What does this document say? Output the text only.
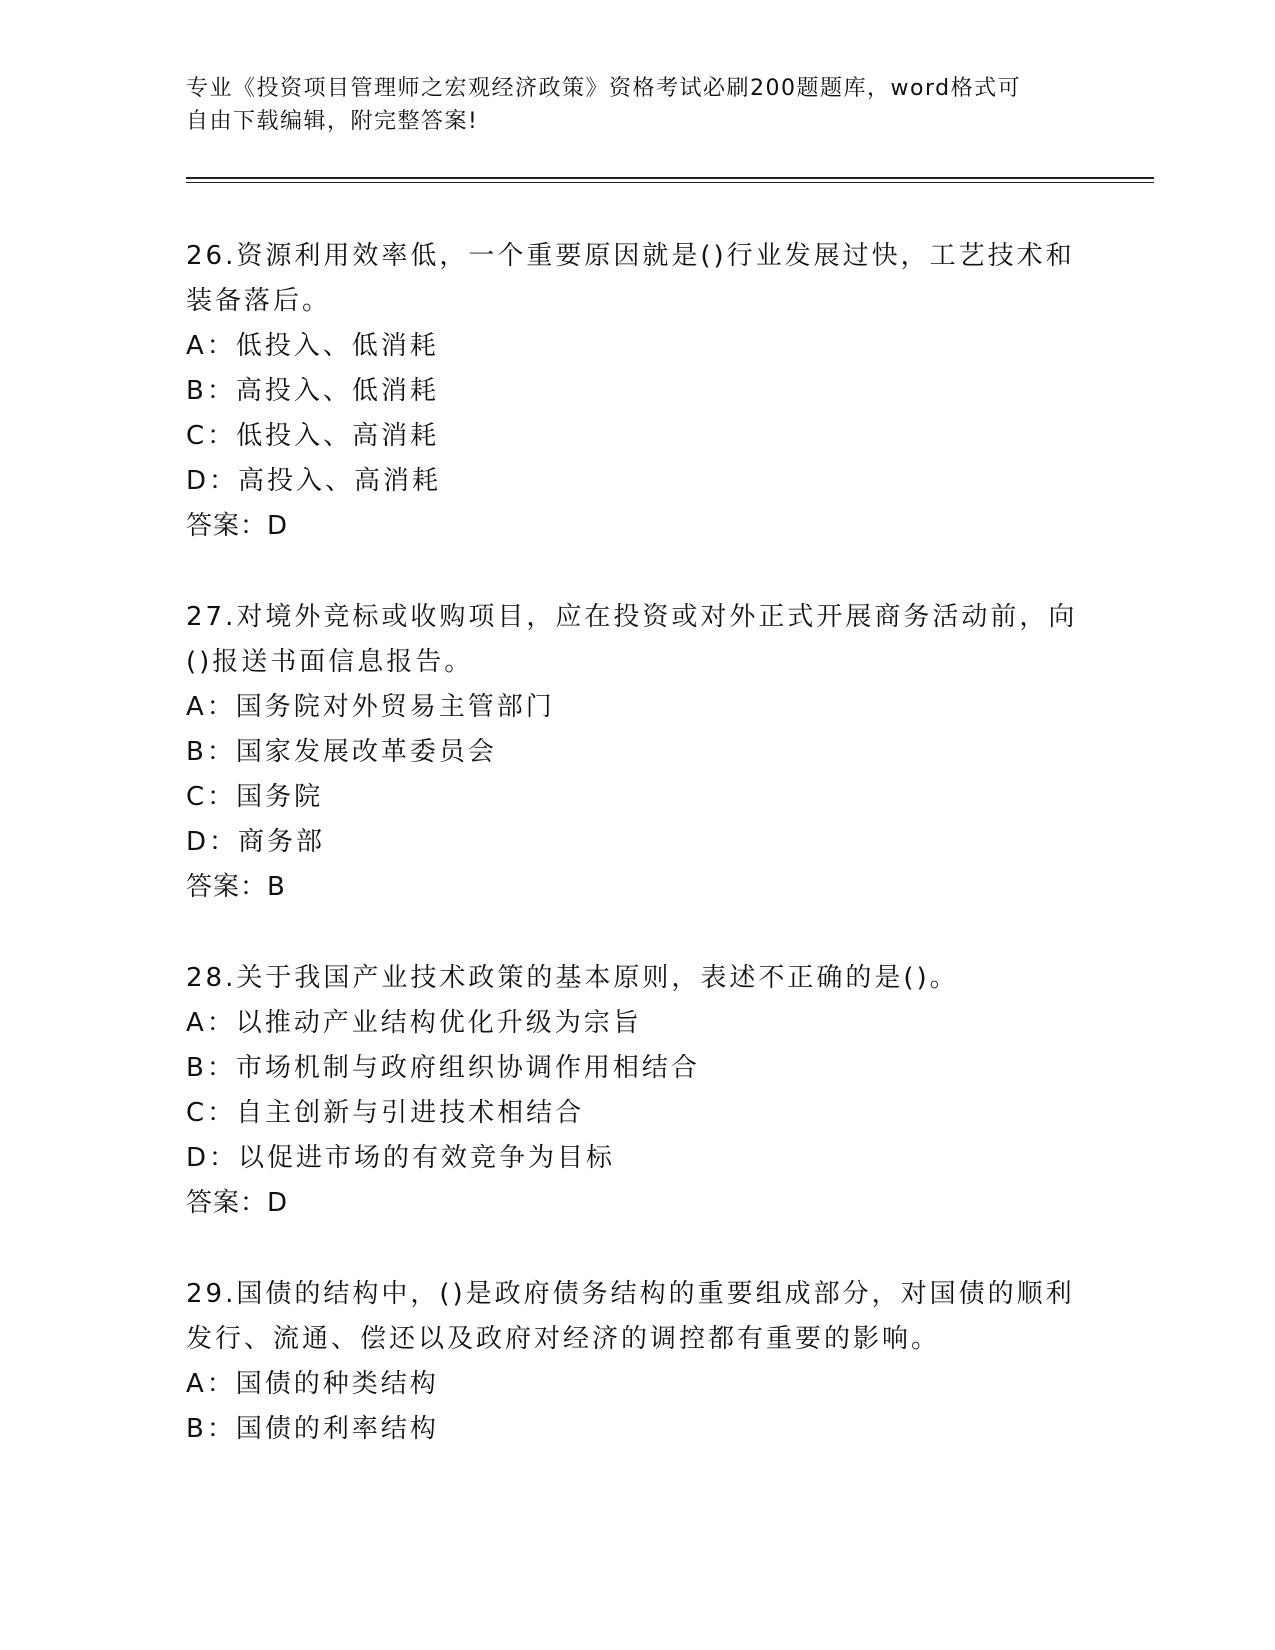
专业《投资项目管理师之宏观经济政策》资格考试必刷200题题库，word格式可
自由下载编辑，附完整答案!
26.资源利用效率低，一个重要原因就是()行业发展过快，工艺技术和
装备落后。
A：低投入、低消耗
B：高投入、低消耗
C：低投入、高消耗
D：高投入、高消耗
答案：D
27.对境外竞标或收购项目，应在投资或对外正式开展商务活动前，向
()报送书面信息报告。
A：国务院对外贸易主管部门
B：国家发展改革委员会
C：国务院
D：商务部
答案：B
28.关于我国产业技术政策的基本原则，表述不正确的是()。
A：以推动产业结构优化升级为宗旨
B：市场机制与政府组织协调作用相结合
C：自主创新与引进技术相结合
D：以促进市场的有效竞争为目标
答案：D
29.国债的结构中，()是政府债务结构的重要组成部分，对国债的顺利
发行、流通、偿还以及政府对经济的调控都有重要的影响。
A：国债的种类结构
B：国债的利率结构
